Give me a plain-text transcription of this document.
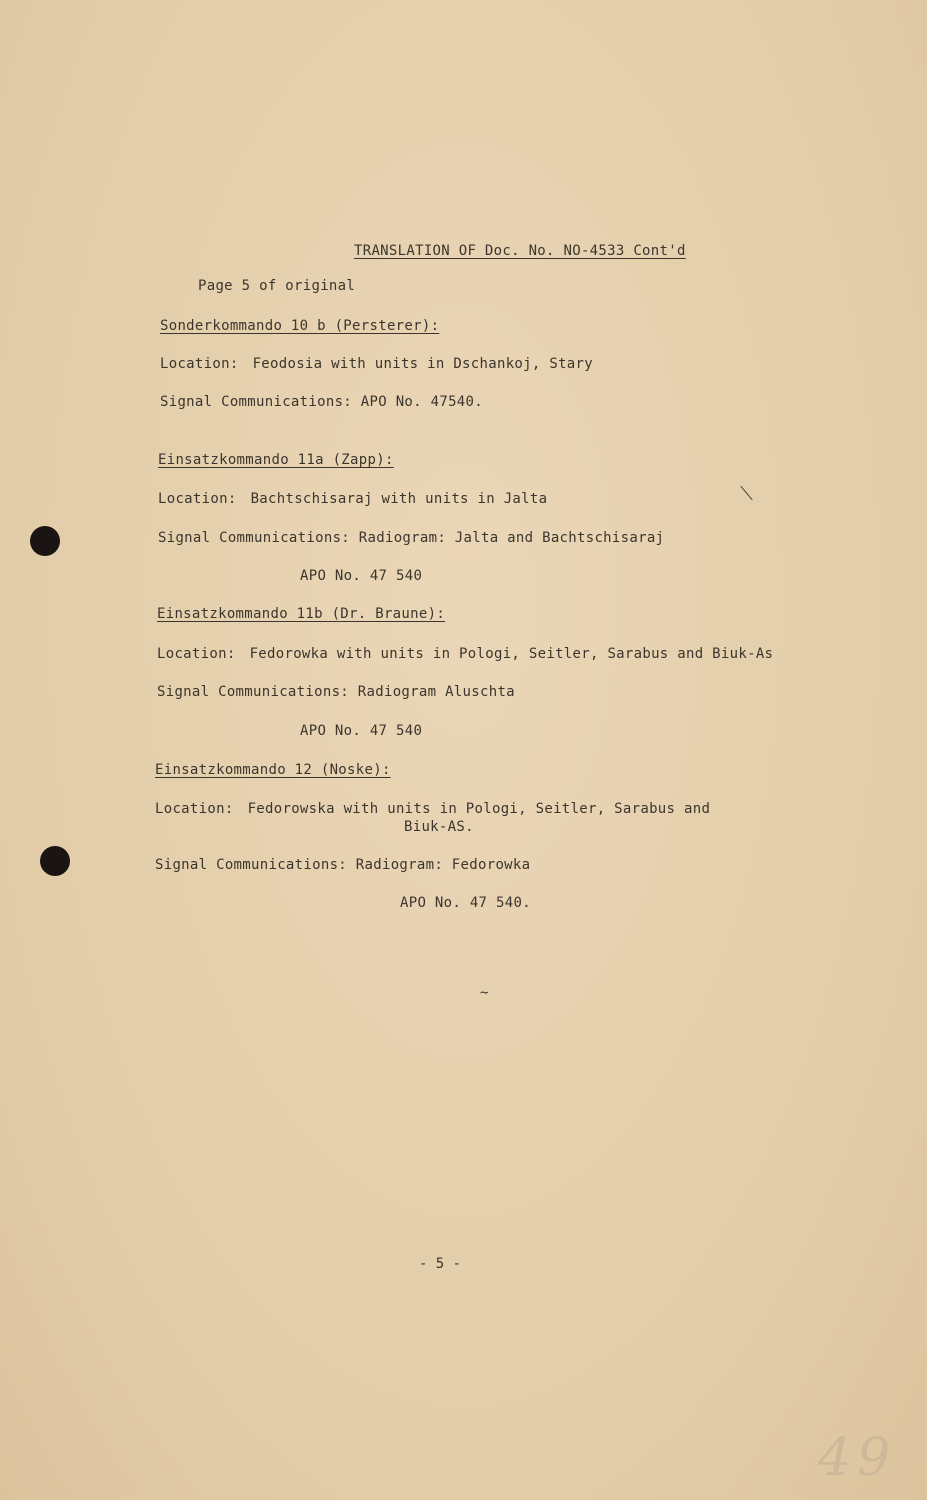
TRANSLATION OF Doc. No. NO-4533 Cont'd
Page 5 of original
Sonderkommando 10 b (Persterer):
Location: Feodosia with units in Dschankoj, Stary
Signal Communications: APO No. 47540.
Einsatzkommando 11a (Zapp):
Location: Bachtschisaraj with units in Jalta
Signal Communications: Radiogram: Jalta and Bachtschisaraj
APO No. 47 540
Einsatzkommando 11b (Dr. Braune):
Location: Fedorowka with units in Pologi, Seitler, Sarabus and Biuk-As
Signal Communications: Radiogram Aluschta
APO No. 47 540
Einsatzkommando 12 (Noske):
Location: Fedorowska with units in Pologi, Seitler, Sarabus and
Biuk-AS.
Signal Communications: Radiogram: Fedorowka
APO No. 47 540.
~
- 5 -
49
